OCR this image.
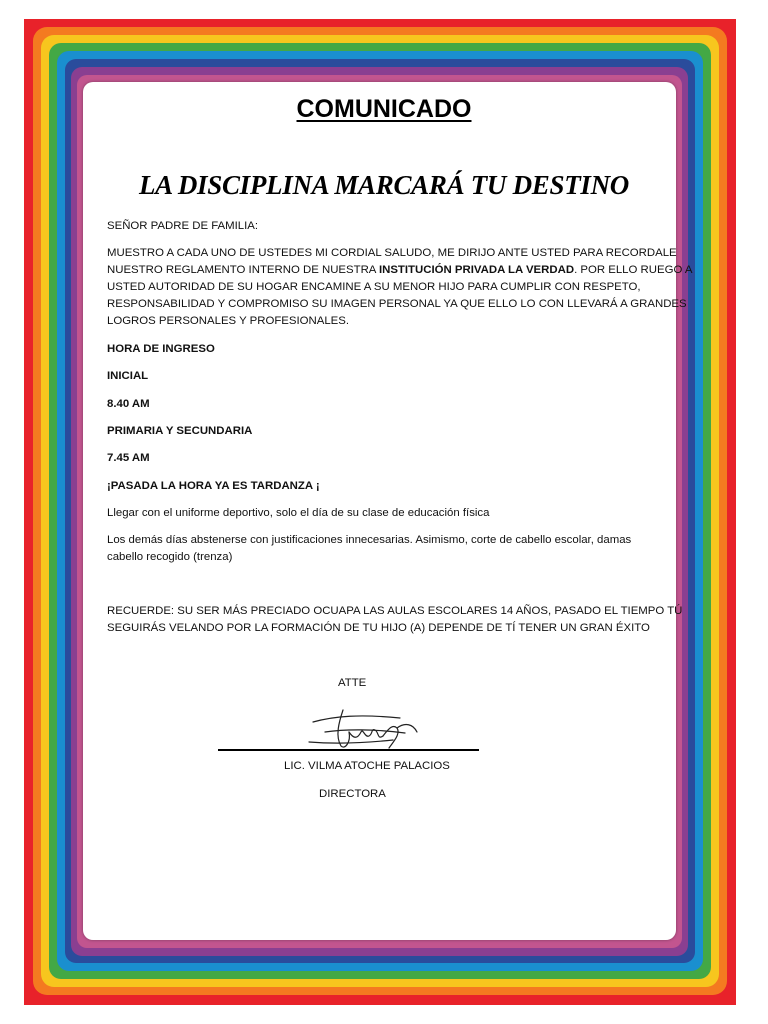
COMUNICADO
LA DISCIPLINA MARCARÁ TU DESTINO
SEÑOR PADRE DE FAMILIA:
MUESTRO A CADA UNO DE USTEDES MI CORDIAL SALUDO, ME DIRIJO ANTE USTED PARA RECORDALE
NUESTRO REGLAMENTO INTERNO DE NUESTRA INSTITUCIÓN PRIVADA LA VERDAD. POR ELLO RUEGO A
USTED AUTORIDAD DE SU HOGAR ENCAMINE A SU MENOR HIJO PARA CUMPLIR CON RESPETO,
RESPONSABILIDAD Y COMPROMISO SU IMAGEN PERSONAL YA QUE ELLO LO CON LLEVARÁ A GRANDES
LOGROS PERSONALES Y PROFESIONALES.
HORA DE INGRESO
INICIAL
8.40 AM
PRIMARIA Y SECUNDARIA
7.45 AM
¡PASADA LA HORA YA ES TARDANZA ¡
Llegar con el uniforme deportivo, solo el día de su clase de educación física
Los demás días abstenerse con justificaciones innecesarias. Asimismo, corte de cabello escolar, damas
cabello recogido (trenza)
RECUERDE: SU SER MÁS PRECIADO OCUAPA LAS AULAS ESCOLARES 14 AÑOS, PASADO EL TIEMPO TÚ
SEGUIRÁS VELANDO POR LA FORMACIÓN DE TU HIJO (A) DEPENDE DE TÍ TENER UN GRAN ÉXITO
ATTE
LIC. VILMA ATOCHE PALACIOS
DIRECTORA
